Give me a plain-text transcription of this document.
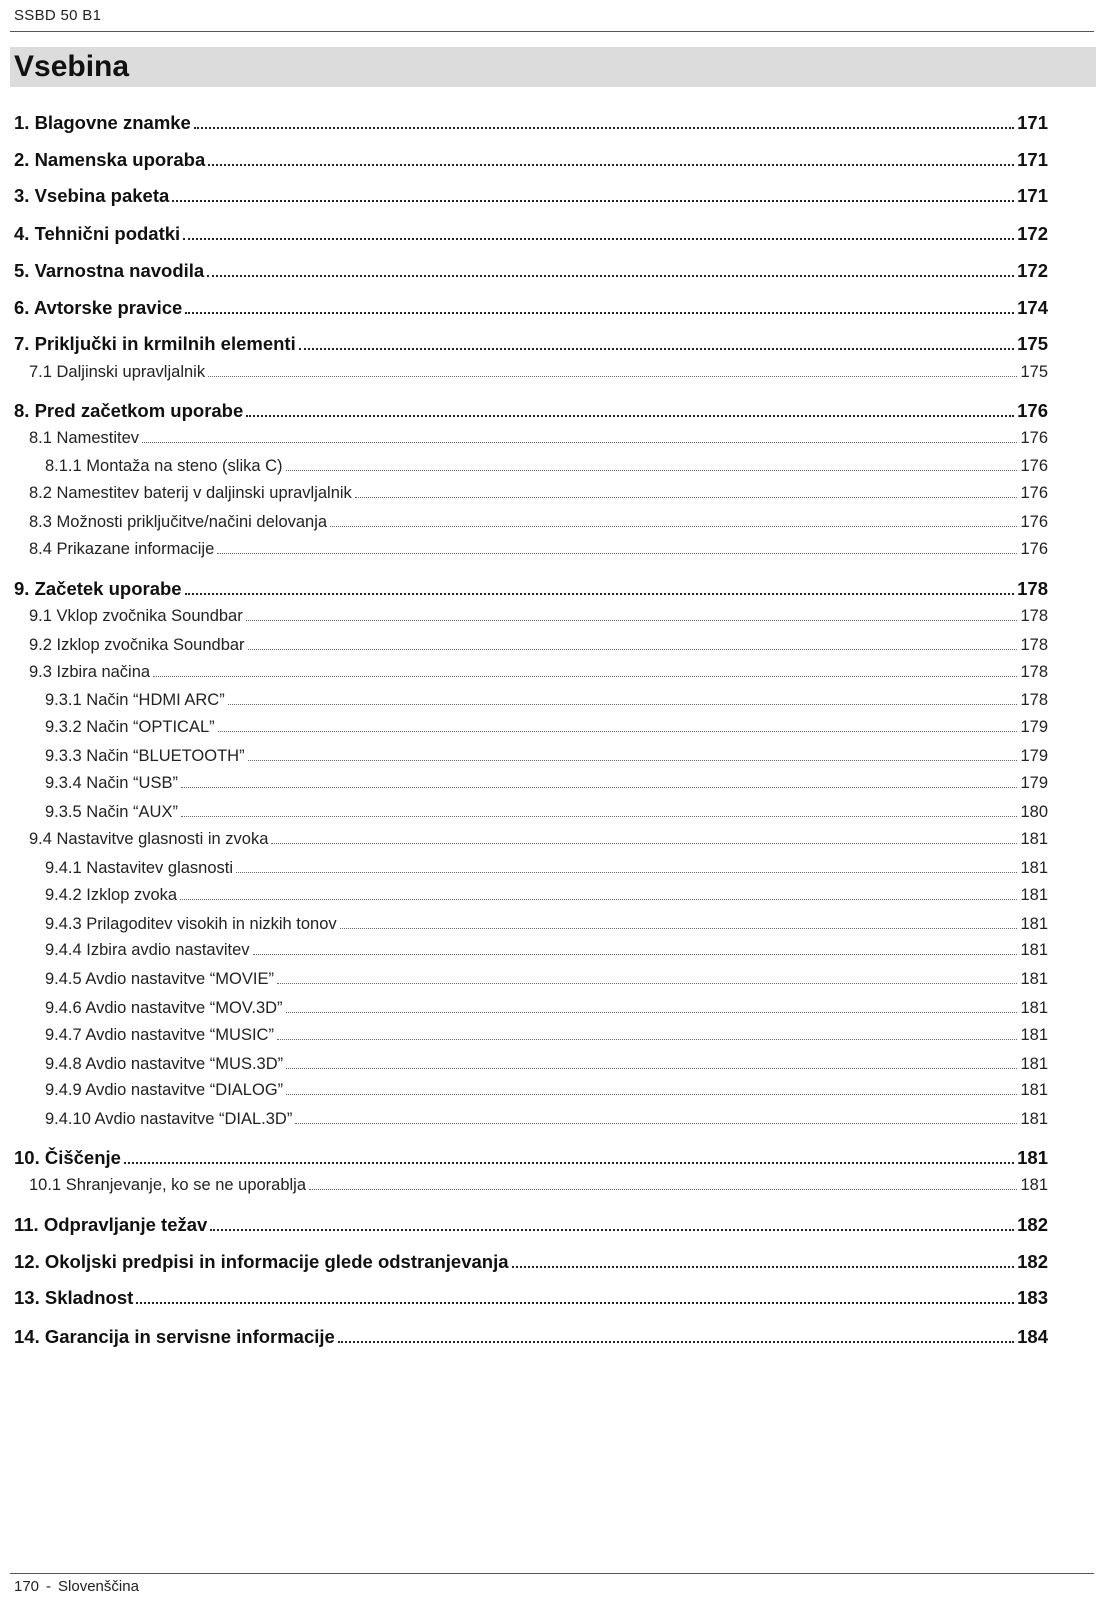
SSBD 50 B1
Vsebina
1. Blagovne znamke	171
2. Namenska uporaba	171
3. Vsebina paketa	171
4. Tehnični podatki	172
5. Varnostna navodila	172
6. Avtorske pravice	174
7. Priključki in krmilnih elementi	175
7.1 Daljinski upravljalnik	175
8. Pred začetkom uporabe	176
8.1 Namestitev	176
8.1.1 Montaža na steno (slika C)	176
8.2 Namestitev baterij v daljinski upravljalnik	176
8.3 Možnosti priključitve/načini delovanja	176
8.4 Prikazane informacije	176
9. Začetek uporabe	178
9.1 Vklop zvočnika Soundbar	178
9.2 Izklop zvočnika Soundbar	178
9.3 Izbira načina	178
9.3.1 Način “HDMI ARC”	178
9.3.2 Način “OPTICAL”	179
9.3.3 Način “BLUETOOTH”	179
9.3.4 Način “USB”	179
9.3.5 Način “AUX”	180
9.4 Nastavitve glasnosti in zvoka	181
9.4.1 Nastavitev glasnosti	181
9.4.2 Izklop zvoka	181
9.4.3 Prilagoditev visokih in nizkih tonov	181
9.4.4 Izbira avdio nastavitev	181
9.4.5 Avdio nastavitve “MOVIE”	181
9.4.6 Avdio nastavitve “MOV.3D”	181
9.4.7 Avdio nastavitve “MUSIC”	181
9.4.8 Avdio nastavitve “MUS.3D”	181
9.4.9 Avdio nastavitve “DIALOG”	181
9.4.10 Avdio nastavitve “DIAL.3D”	181
10. Čiščenje	181
10.1 Shranjevanje, ko se ne uporablja	181
11. Odpravljanje težav	182
12. Okoljski predpisi in informacije glede odstranjevanja	182
13. Skladnost	183
14. Garancija in servisne informacije	184
170 - Slovenščina
